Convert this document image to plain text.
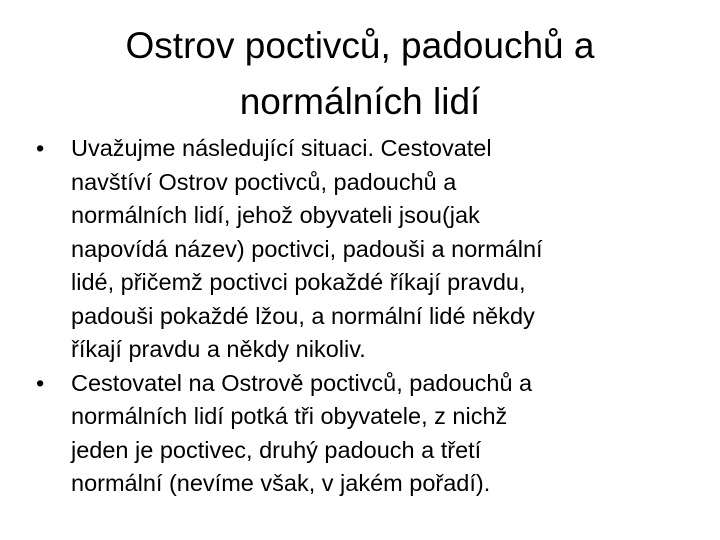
Ostrov poctivců, padouchů a
normálních lidí
• Uvažujme následující situaci. Cestovatel
navštíví Ostrov poctivců, padouchů a
normálních lidí, jehož obyvateli jsou(jak
napovídá název) poctivci, padouši a normální
lidé, přičemž poctivci pokaždé říkají pravdu,
padouši pokaždé lžou, a normální lidé někdy
říkají pravdu a někdy nikoliv.
• Cestovatel na Ostrově poctivců, padouchů a
normálních lidí potká tři obyvatele, z nichž
jeden je poctivec, druhý padouch a třetí
normální (nevíme však, v jakém pořadí).
